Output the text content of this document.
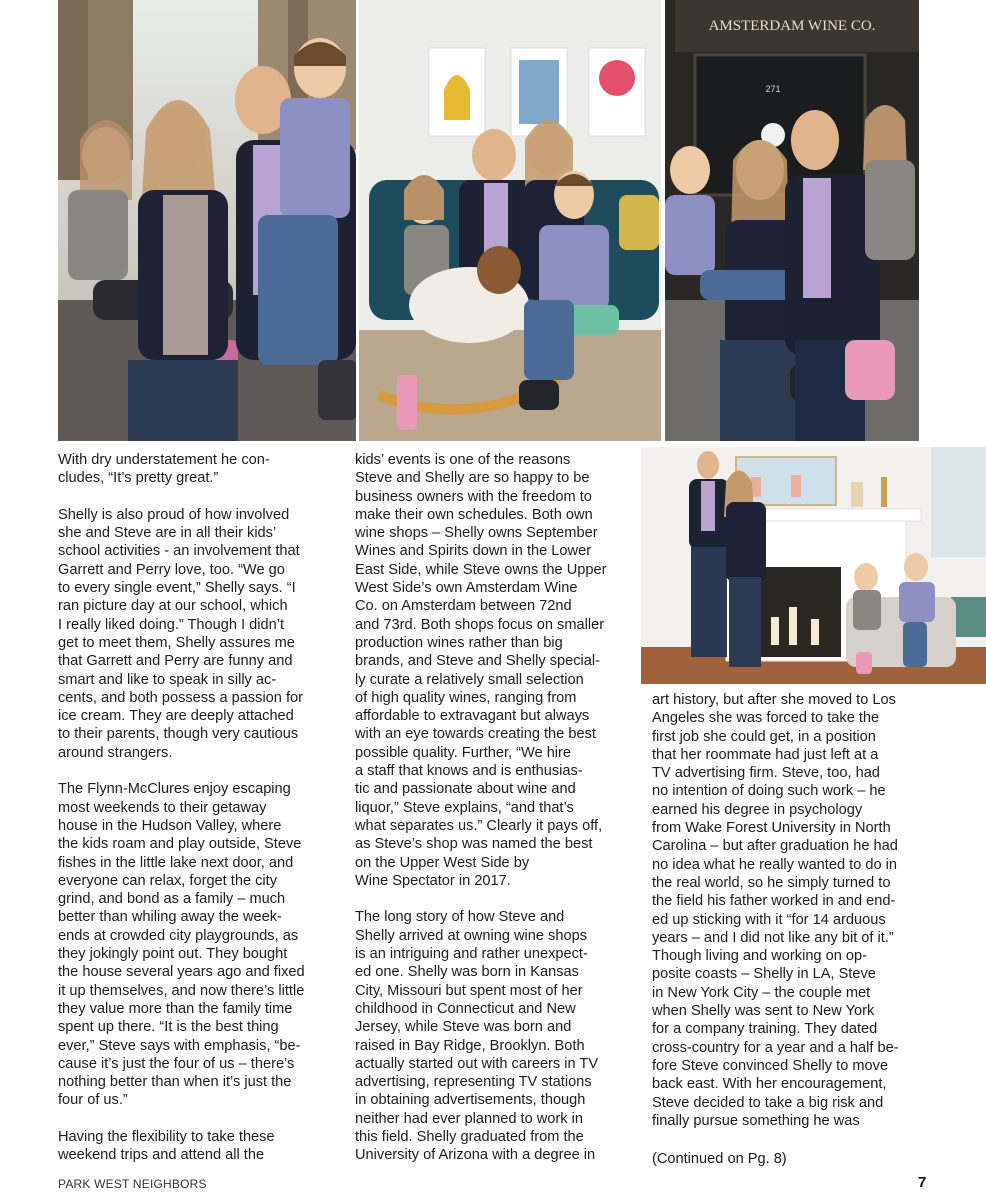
AMSTERDAM WINE CO.
271

With dry understatement he con-
cludes, “It’s pretty great.”

Shelly is also proud of how involved
she and Steve are in all their kids’
school activities - an involvement that
Garrett and Perry love, too. “We go
to every single event,” Shelly says. “I
ran picture day at our school, which
I really liked doing.” Though I didn’t
get to meet them, Shelly assures me
that Garrett and Perry are funny and
smart and like to speak in silly ac-
cents, and both possess a passion for
ice cream. They are deeply attached
to their parents, though very cautious
around strangers.

The Flynn-McClures enjoy escaping
most weekends to their getaway
house in the Hudson Valley, where
the kids roam and play outside, Steve
fishes in the little lake next door, and
everyone can relax, forget the city
grind, and bond as a family – much
better than whiling away the week-
ends at crowded city playgrounds, as
they jokingly point out. They bought
the house several years ago and fixed
it up themselves, and now there’s little
they value more than the family time
spent up there. “It is the best thing
ever,” Steve says with emphasis, “be-
cause it’s just the four of us – there’s
nothing better than when it’s just the
four of us.”

Having the flexibility to take these
weekend trips and attend all the

kids’ events is one of the reasons
Steve and Shelly are so happy to be
business owners with the freedom to
make their own schedules. Both own
wine shops – Shelly owns September
Wines and Spirits down in the Lower
East Side, while Steve owns the Upper
West Side’s own Amsterdam Wine
Co. on Amsterdam between 72nd
and 73rd. Both shops focus on smaller
production wines rather than big
brands, and Steve and Shelly special-
ly curate a relatively small selection
of high quality wines, ranging from
affordable to extravagant but always
with an eye towards creating the best
possible quality. Further, “We hire
a staff that knows and is enthusias-
tic and passionate about wine and
liquor,” Steve explains, “and that’s
what separates us.” Clearly it pays off,
as Steve’s shop was named the best
on the Upper West Side by
Wine Spectator in 2017.

The long story of how Steve and
Shelly arrived at owning wine shops
is an intriguing and rather unexpect-
ed one. Shelly was born in Kansas
City, Missouri but spent most of her
childhood in Connecticut and New
Jersey, while Steve was born and
raised in Bay Ridge, Brooklyn. Both
actually started out with careers in TV
advertising, representing TV stations
in obtaining advertisements, though
neither had ever planned to work in
this field. Shelly graduated from the
University of Arizona with a degree in

art history, but after she moved to Los
Angeles she was forced to take the
first job she could get, in a position
that her roommate had just left at a
TV advertising firm. Steve, too, had
no intention of doing such work – he
earned his degree in psychology
from Wake Forest University in North
Carolina – but after graduation he had
no idea what he really wanted to do in
the real world, so he simply turned to
the field his father worked in and end-
ed up sticking with it “for 14 arduous
years – and I did not like any bit of it.”
Though living and working on op-
posite coasts – Shelly in LA, Steve
in New York City – the couple met
when Shelly was sent to New York
for a company training. They dated
cross-country for a year and a half be-
fore Steve convinced Shelly to move
back east. With her encouragement,
Steve decided to take a big risk and
finally pursue something he was

(Continued on Pg. 8)
PARK WEST NEIGHBORS	7
